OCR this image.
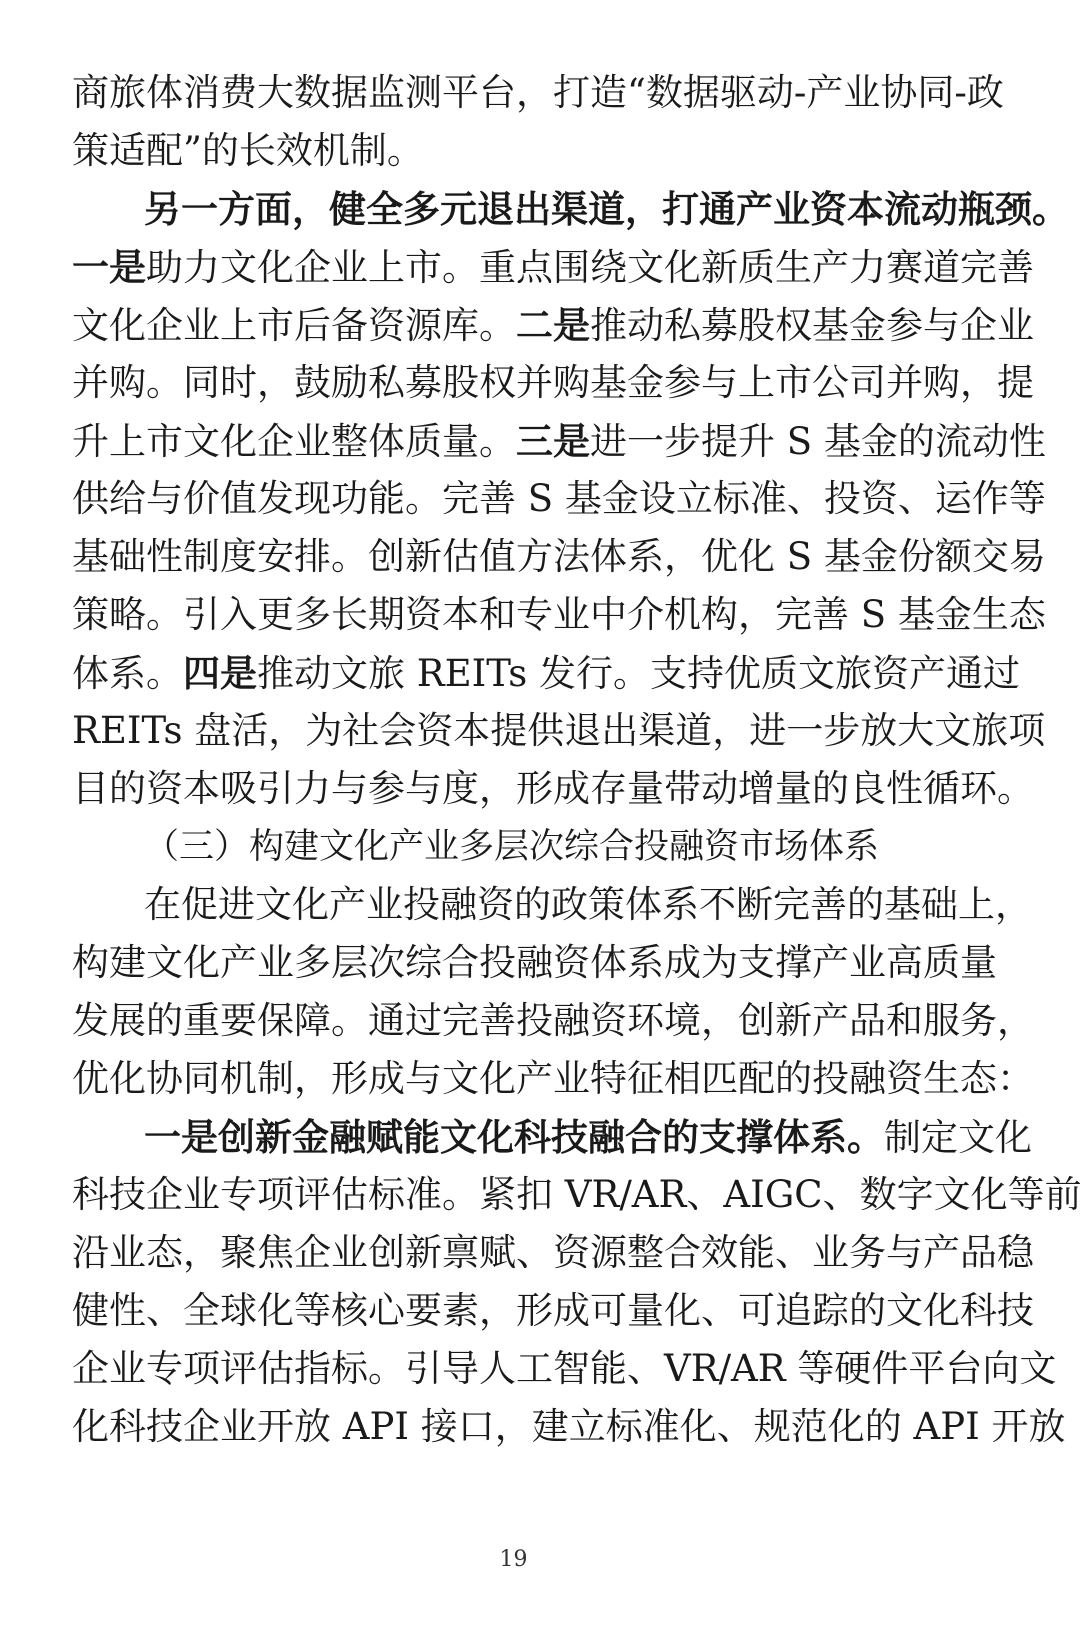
商旅体消费大数据监测平台，打造“数据驱动-产业协同-政
策适配”的长效机制。
另一方面，健全多元退出渠道，打通产业资本流动瓶颈。
一是助力文化企业上市。重点围绕文化新质生产力赛道完善
文化企业上市后备资源库。二是推动私募股权基金参与企业
并购。同时，鼓励私募股权并购基金参与上市公司并购，提
升上市文化企业整体质量。三是进一步提升 S 基金的流动性
供给与价值发现功能。完善 S 基金设立标准、投资、运作等
基础性制度安排。创新估值方法体系，优化 S 基金份额交易
策略。引入更多长期资本和专业中介机构，完善 S 基金生态
体系。四是推动文旅 REITs 发行。支持优质文旅资产通过
REITs 盘活，为社会资本提供退出渠道，进一步放大文旅项
目的资本吸引力与参与度，形成存量带动增量的良性循环。
（三）构建文化产业多层次综合投融资市场体系
在促进文化产业投融资的政策体系不断完善的基础上，
构建文化产业多层次综合投融资体系成为支撑产业高质量
发展的重要保障。通过完善投融资环境，创新产品和服务，
优化协同机制，形成与文化产业特征相匹配的投融资生态：
一是创新金融赋能文化科技融合的支撑体系。制定文化
科技企业专项评估标准。紧扣 VR/AR、AIGC、数字文化等前
沿业态，聚焦企业创新禀赋、资源整合效能、业务与产品稳
健性、全球化等核心要素，形成可量化、可追踪的文化科技
企业专项评估指标。引导人工智能、VR/AR 等硬件平台向文
化科技企业开放 API 接口，建立标准化、规范化的 API 开放
19
